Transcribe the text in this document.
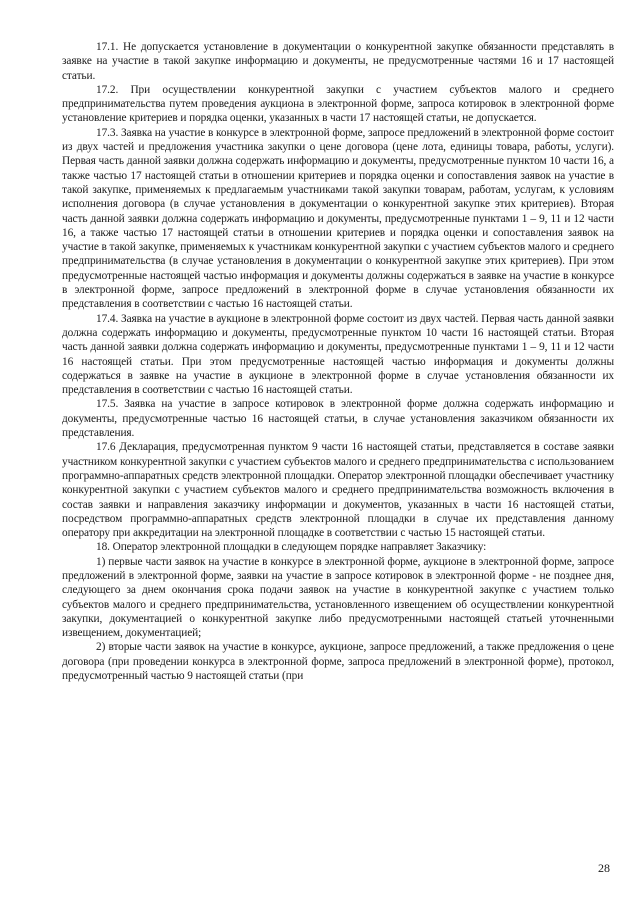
17.1. Не допускается установление в документации о конкурентной закупке обязанности представлять в заявке на участие в такой закупке информацию и документы, не предусмотренные частями 16 и 17 настоящей статьи.

17.2. При осуществлении конкурентной закупки с участием субъектов малого и среднего предпринимательства путем проведения аукциона в электронной форме, запроса котировок в электронной форме установление критериев и порядка оценки, указанных в части 17 настоящей статьи, не допускается.

17.3. Заявка на участие в конкурсе в электронной форме, запросе предложений в электронной форме состоит из двух частей и предложения участника закупки о цене договора (цене лота, единицы товара, работы, услуги). Первая часть данной заявки должна содержать информацию и документы, предусмотренные пунктом 10 части 16, а также частью 17 настоящей статьи в отношении критериев и порядка оценки и сопоставления заявок на участие в такой закупке, применяемых к предлагаемым участниками такой закупки товарам, работам, услугам, к условиям исполнения договора (в случае установления в документации о конкурентной закупке этих критериев). Вторая часть данной заявки должна содержать информацию и документы, предусмотренные пунктами 1 – 9, 11 и 12 части 16, а также частью 17 настоящей статьи в отношении критериев и порядка оценки и сопоставления заявок на участие в такой закупке, применяемых к участникам конкурентной закупки с участием субъектов малого и среднего предпринимательства (в случае установления в документации о конкурентной закупке этих критериев). При этом предусмотренные настоящей частью информация и документы должны содержаться в заявке на участие в конкурсе в электронной форме, запросе предложений в электронной форме в случае установления обязанности их представления в соответствии с частью 16 настоящей статьи.

17.4. Заявка на участие в аукционе в электронной форме состоит из двух частей. Первая часть данной заявки должна содержать информацию и документы, предусмотренные пунктом 10 части 16 настоящей статьи. Вторая часть данной заявки должна содержать информацию и документы, предусмотренные пунктами 1 – 9, 11 и 12 части 16 настоящей статьи. При этом предусмотренные настоящей частью информация и документы должны содержаться в заявке на участие в аукционе в электронной форме в случае установления обязанности их представления в соответствии с частью 16 настоящей статьи.

17.5. Заявка на участие в запросе котировок в электронной форме должна содержать информацию и документы, предусмотренные частью 16 настоящей статьи, в случае установления заказчиком обязанности их представления.

17.6 Декларация, предусмотренная пунктом 9 части 16 настоящей статьи, представляется в составе заявки участником конкурентной закупки с участием субъектов малого и среднего предпринимательства с использованием программно-аппаратных средств электронной площадки. Оператор электронной площадки обеспечивает участнику конкурентной закупки с участием субъектов малого и среднего предпринимательства возможность включения в состав заявки и направления заказчику информации и документов, указанных в части 16 настоящей статьи, посредством программно-аппаратных средств электронной площадки в случае их представления данному оператору при аккредитации на электронной площадке в соответствии с частью 15 настоящей статьи.

18. Оператор электронной площадки в следующем порядке направляет Заказчику:

1) первые части заявок на участие в конкурсе в электронной форме, аукционе в электронной форме, запросе предложений в электронной форме, заявки на участие в запросе котировок в электронной форме - не позднее дня, следующего за днем окончания срока подачи заявок на участие в конкурентной закупке с участием только субъектов малого и среднего предпринимательства, установленного извещением об осуществлении конкурентной закупки, документацией о конкурентной закупке либо предусмотренными настоящей статьей уточненными извещением, документацией;

2) вторые части заявок на участие в конкурсе, аукционе, запросе предложений, а также предложения о цене договора (при проведении конкурса в электронной форме, запроса предложений в электронной форме), протокол, предусмотренный частью 9 настоящей статьи (при

28
